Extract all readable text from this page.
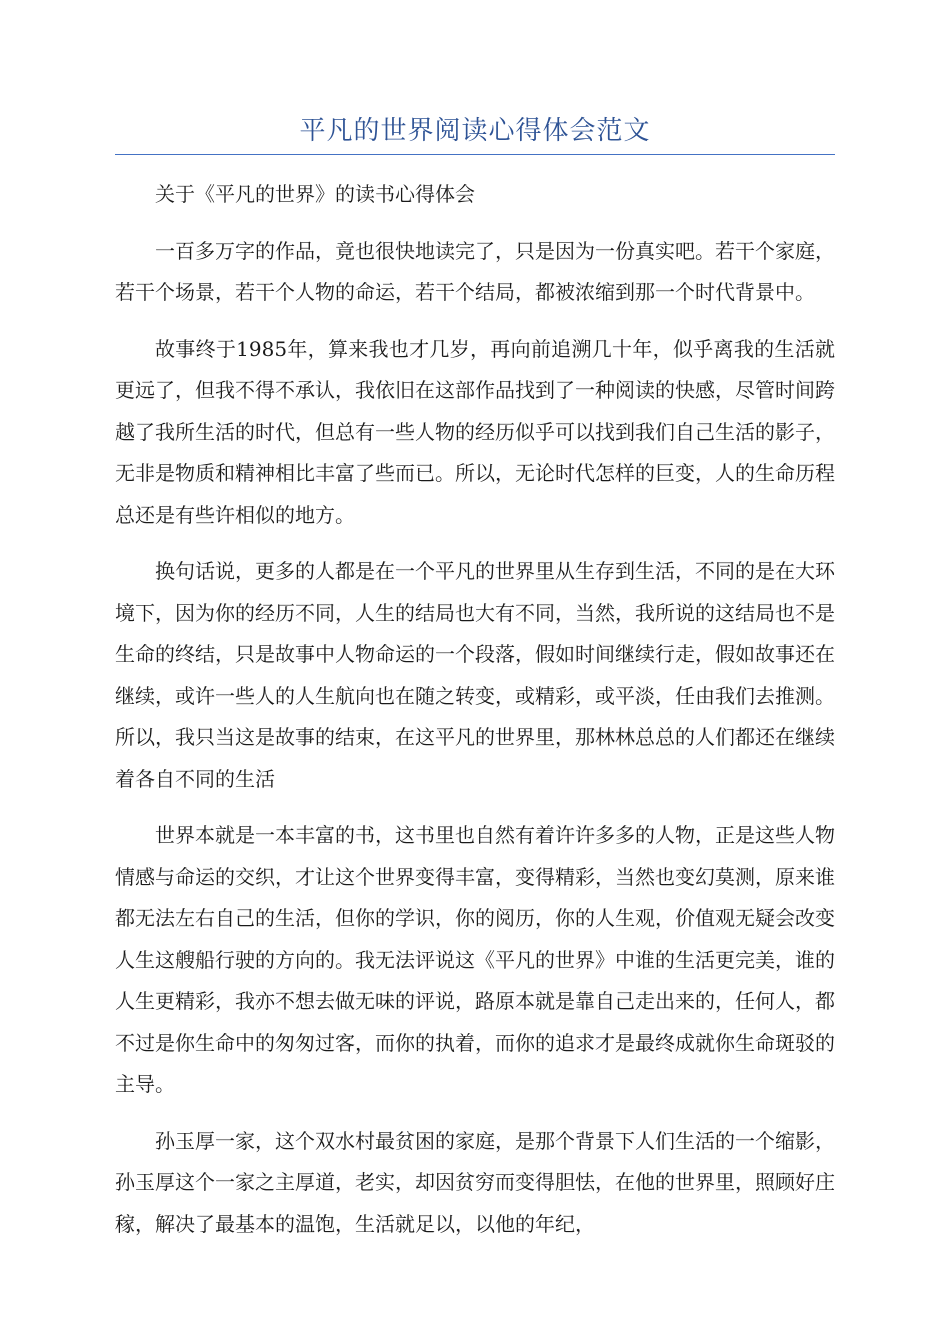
平凡的世界阅读心得体会范文

关于《平凡的世界》的读书心得体会

一百多万字的作品，竟也很快地读完了，只是因为一份真实吧。若干个家庭，若干个场景，若干个人物的命运，若干个结局，都被浓缩到那一个时代背景中。

故事终于1985年，算来我也才几岁，再向前追溯几十年，似乎离我的生活就更远了，但我不得不承认，我依旧在这部作品找到了一种阅读的快感，尽管时间跨越了我所生活的时代，但总有一些人物的经历似乎可以找到我们自己生活的影子，无非是物质和精神相比丰富了些而已。所以，无论时代怎样的巨变，人的生命历程总还是有些许相似的地方。

换句话说，更多的人都是在一个平凡的世界里从生存到生活，不同的是在大环境下，因为你的经历不同，人生的结局也大有不同，当然，我所说的这结局也不是生命的终结，只是故事中人物命运的一个段落，假如时间继续行走，假如故事还在继续，或许一些人的人生航向也在随之转变，或精彩，或平淡，任由我们去推测。所以，我只当这是故事的结束，在这平凡的世界里，那林林总总的人们都还在继续着各自不同的生活

世界本就是一本丰富的书，这书里也自然有着许许多多的人物，正是这些人物情感与命运的交织，才让这个世界变得丰富，变得精彩，当然也变幻莫测，原来谁都无法左右自己的生活，但你的学识，你的阅历，你的人生观，价值观无疑会改变人生这艘船行驶的方向的。我无法评说这《平凡的世界》中谁的生活更完美，谁的人生更精彩，我亦不想去做无味的评说，路原本就是靠自己走出来的，任何人，都不过是你生命中的匆匆过客，而你的执着，而你的追求才是最终成就你生命斑驳的主导。

孙玉厚一家，这个双水村最贫困的家庭，是那个背景下人们生活的一个缩影，孙玉厚这个一家之主厚道，老实，却因贫穷而变得胆怯，在他的世界里，照顾好庄稼，解决了最基本的温饱，生活就足以，以他的年纪，
